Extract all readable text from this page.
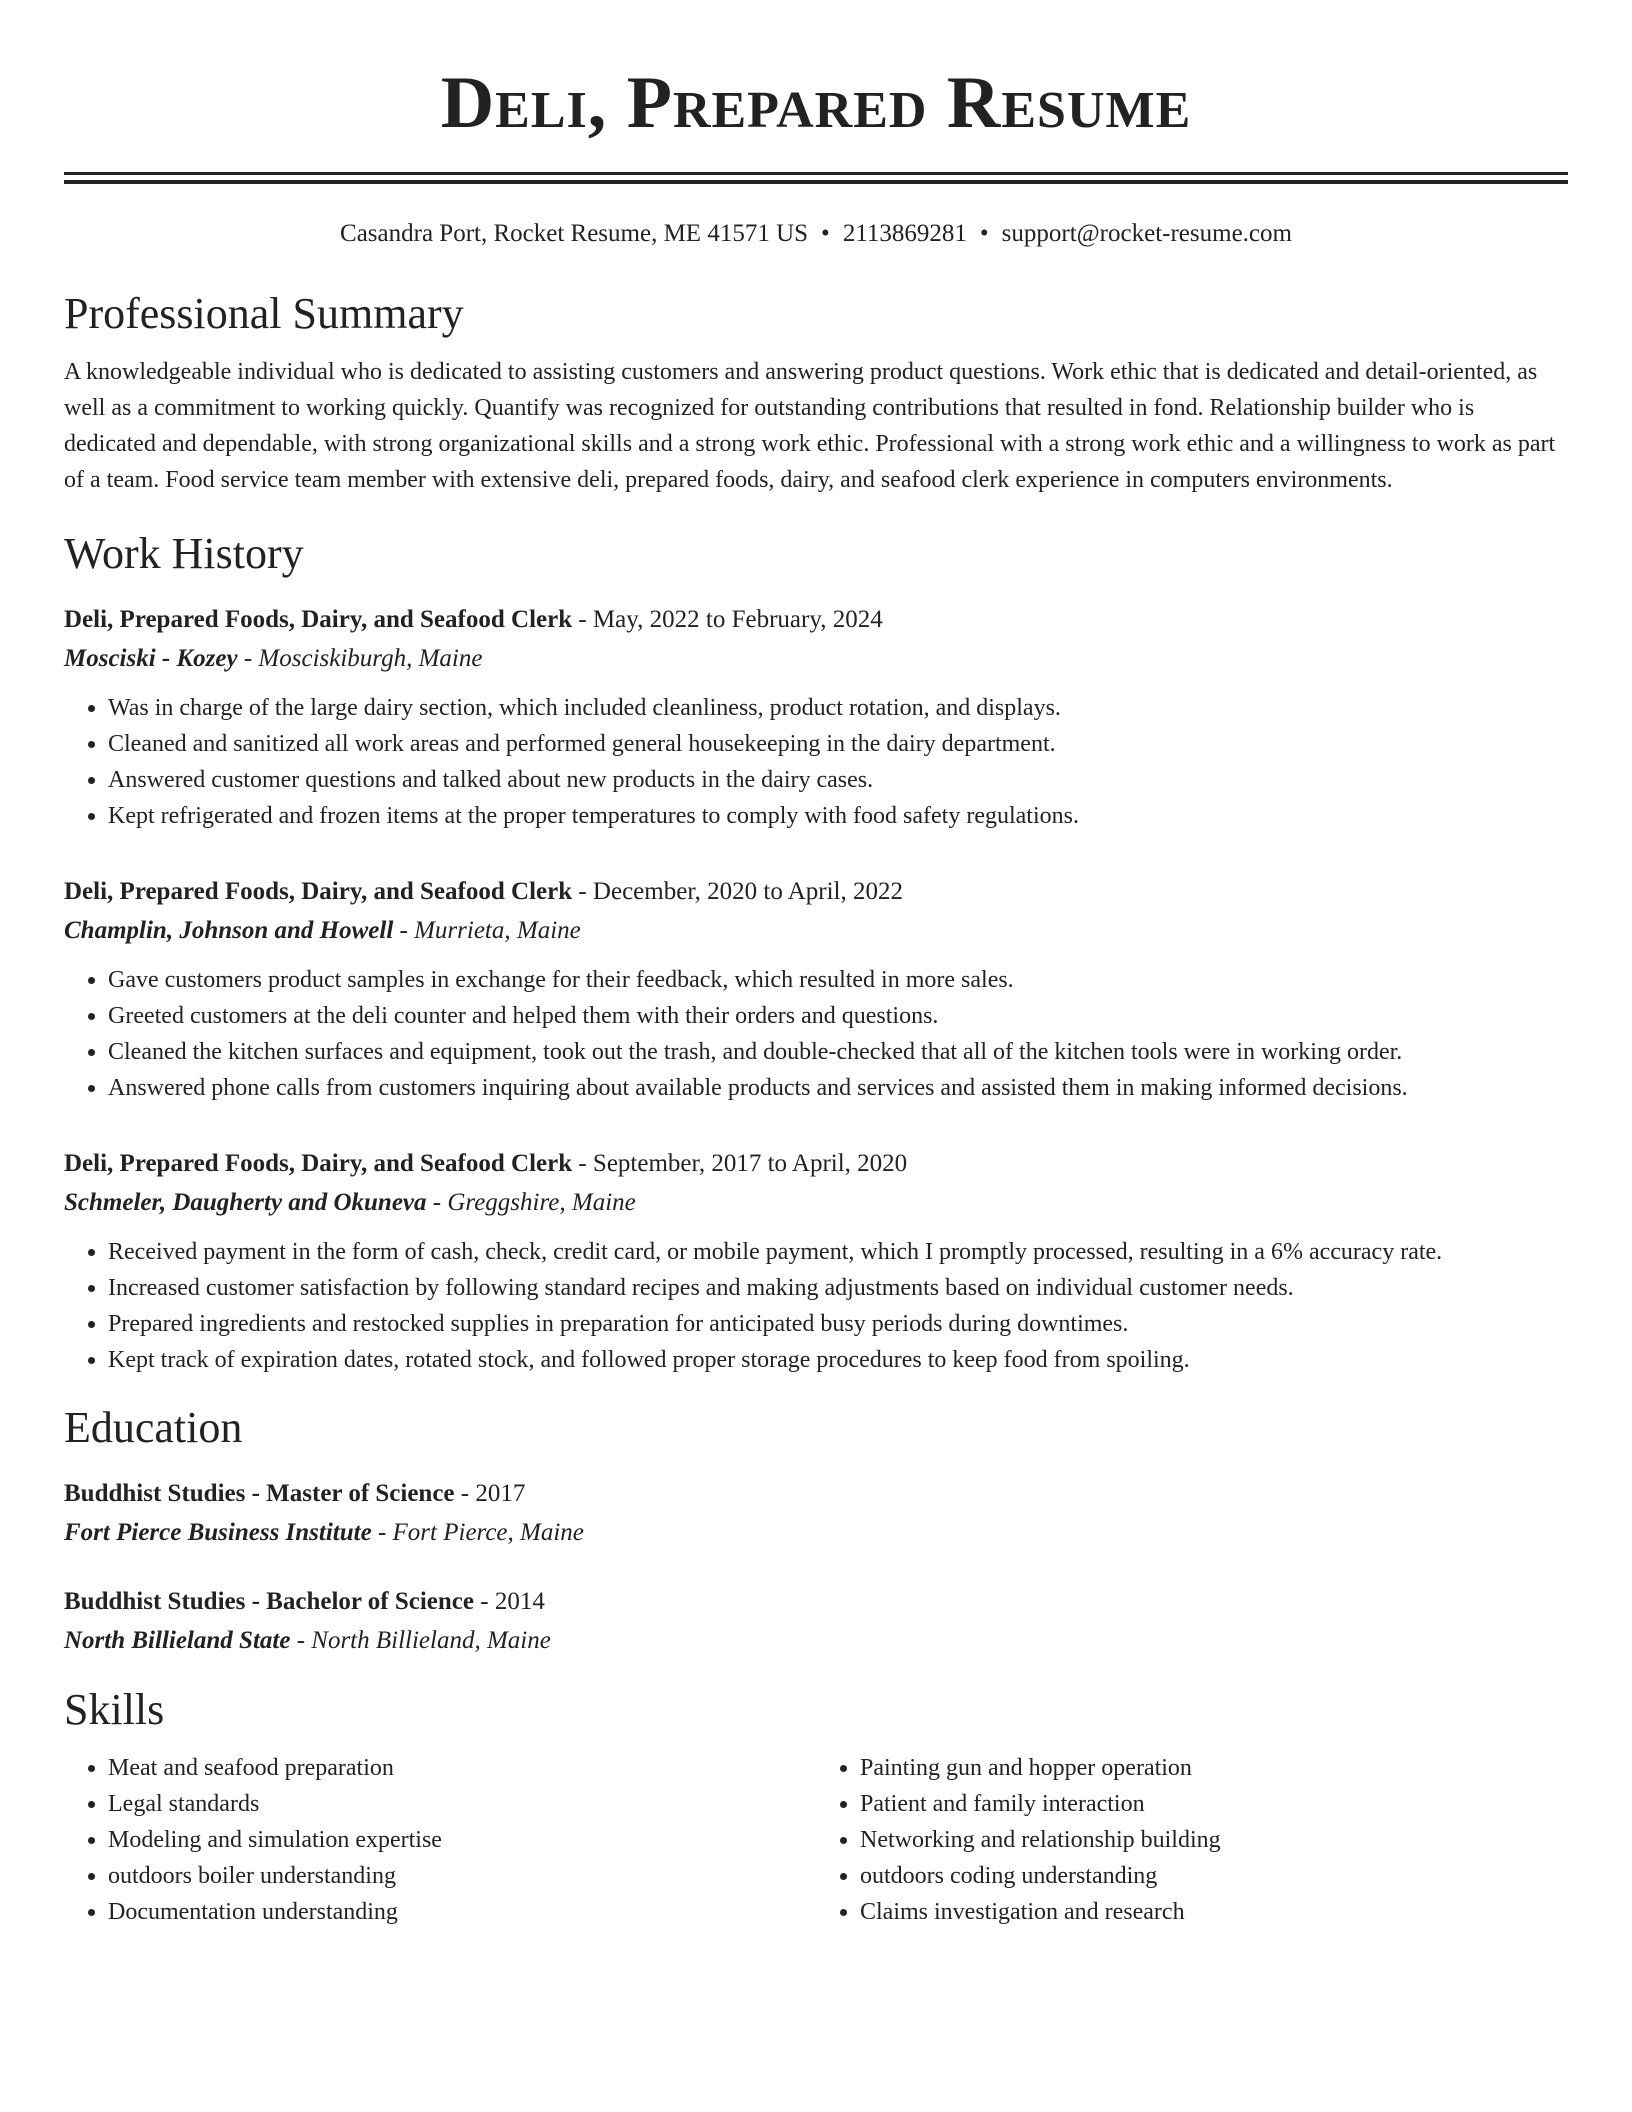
Deli, Prepared Resume
Casandra Port, Rocket Resume, ME 41571 US • 2113869281 • support@rocket-resume.com
Professional Summary
A knowledgeable individual who is dedicated to assisting customers and answering product questions. Work ethic that is dedicated and detail-oriented, as well as a commitment to working quickly. Quantify was recognized for outstanding contributions that resulted in fond. Relationship builder who is dedicated and dependable, with strong organizational skills and a strong work ethic. Professional with a strong work ethic and a willingness to work as part of a team. Food service team member with extensive deli, prepared foods, dairy, and seafood clerk experience in computers environments.
Work History
Deli, Prepared Foods, Dairy, and Seafood Clerk - May, 2022 to February, 2024
Mosciski - Kozey - Mosciskiburgh, Maine
• Was in charge of the large dairy section, which included cleanliness, product rotation, and displays.
• Cleaned and sanitized all work areas and performed general housekeeping in the dairy department.
• Answered customer questions and talked about new products in the dairy cases.
• Kept refrigerated and frozen items at the proper temperatures to comply with food safety regulations.
Deli, Prepared Foods, Dairy, and Seafood Clerk - December, 2020 to April, 2022
Champlin, Johnson and Howell - Murrieta, Maine
• Gave customers product samples in exchange for their feedback, which resulted in more sales.
• Greeted customers at the deli counter and helped them with their orders and questions.
• Cleaned the kitchen surfaces and equipment, took out the trash, and double-checked that all of the kitchen tools were in working order.
• Answered phone calls from customers inquiring about available products and services and assisted them in making informed decisions.
Deli, Prepared Foods, Dairy, and Seafood Clerk - September, 2017 to April, 2020
Schmeler, Daugherty and Okuneva - Greggshire, Maine
• Received payment in the form of cash, check, credit card, or mobile payment, which I promptly processed, resulting in a 6% accuracy rate.
• Increased customer satisfaction by following standard recipes and making adjustments based on individual customer needs.
• Prepared ingredients and restocked supplies in preparation for anticipated busy periods during downtimes.
• Kept track of expiration dates, rotated stock, and followed proper storage procedures to keep food from spoiling.
Education
Buddhist Studies - Master of Science - 2017
Fort Pierce Business Institute - Fort Pierce, Maine
Buddhist Studies - Bachelor of Science - 2014
North Billieland State - North Billieland, Maine
Skills
• Meat and seafood preparation
• Legal standards
• Modeling and simulation expertise
• outdoors boiler understanding
• Documentation understanding
• Painting gun and hopper operation
• Patient and family interaction
• Networking and relationship building
• outdoors coding understanding
• Claims investigation and research
